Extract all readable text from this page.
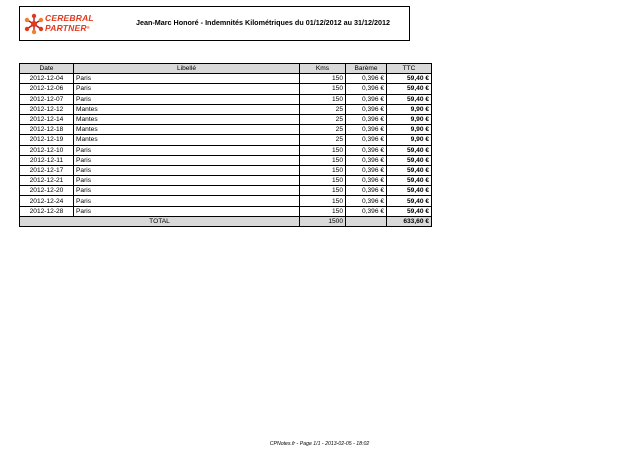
CEREBRAL
PARTNER®
Jean-Marc Honoré - Indemnités Kilométriques du 01/12/2012 au 31/12/2012
Date	Libellé	Kms	Barème	TTC
2012-12-04	Paris	150	0,396 €	59,40 €
2012-12-06	Paris	150	0,396 €	59,40 €
2012-12-07	Paris	150	0,396 €	59,40 €
2012-12-12	Mantes	25	0,396 €	9,90 €
2012-12-14	Mantes	25	0,396 €	9,90 €
2012-12-18	Mantes	25	0,396 €	9,90 €
2012-12-19	Mantes	25	0,396 €	9,90 €
2012-12-10	Paris	150	0,396 €	59,40 €
2012-12-11	Paris	150	0,396 €	59,40 €
2012-12-17	Paris	150	0,396 €	59,40 €
2012-12-21	Paris	150	0,396 €	59,40 €
2012-12-20	Paris	150	0,396 €	59,40 €
2012-12-24	Paris	150	0,396 €	59,40 €
2012-12-28	Paris	150	0,396 €	59,40 €
TOTAL		1500		633,60 €
CPNotes.fr - Page 1/1 - 2013-02-05 - 18:02
